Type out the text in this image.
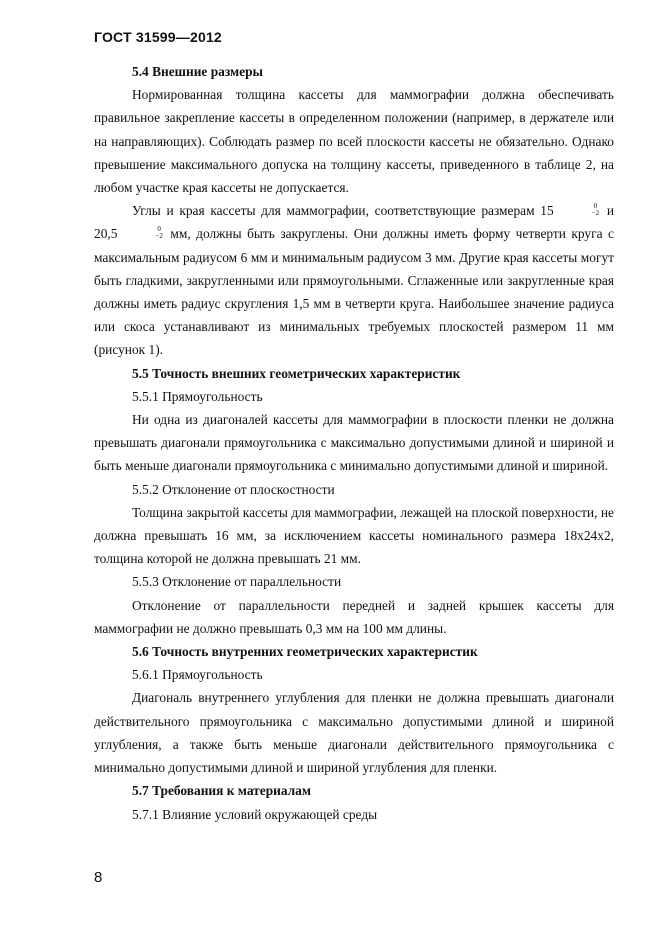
ГОСТ 31599—2012

5.4 Внешние размеры

Нормированная толщина кассеты для маммографии должна обеспечивать правильное закрепление кассеты в определенном положении (например, в держателе или на направляющих). Соблюдать размер по всей плоскости кассеты не обязательно. Однако превышение максимального допуска на толщину кассеты, приведенного в таблице 2, на любом участке края кассеты не допускается.

Углы и края кассеты для маммографии, соответствующие размерам 15	0
−2 и 20,5	0
−2 мм, должны быть закруглены. Они должны иметь форму четверти круга с максимальным радиусом 6 мм и минимальным радиусом 3 мм. Другие края кассеты могут быть гладкими, закругленными или прямоугольными. Сглаженные или закругленные края должны иметь радиус скругления 1,5 мм в четверти круга. Наибольшее значение радиуса или скоса устанавливают из минимальных требуемых плоскостей размером 11 мм (рисунок 1).

5.5 Точность внешних геометрических характеристик

5.5.1 Прямоугольность

Ни одна из диагоналей кассеты для маммографии в плоскости пленки не должна превышать диагонали прямоугольника с максимально допустимыми длиной и шириной и быть меньше диагонали прямоугольника с минимально допустимыми длиной и шириной.

5.5.2 Отклонение от плоскостности

Толщина закрытой кассеты для маммографии, лежащей на плоской поверхности, не должна превышать 16 мм, за исключением кассеты номинального размера 18x24x2, толщина которой не должна превышать 21 мм.

5.5.3 Отклонение от параллельности

Отклонение от параллельности передней и задней крышек кассеты для маммографии не должно превышать 0,3 мм на 100 мм длины.

5.6 Точность внутренних геометрических характеристик

5.6.1 Прямоугольность

Диагональ внутреннего углубления для пленки не должна превышать диагонали действительного прямоугольника с максимально допустимыми длиной и шириной углубления, а также быть меньше диагонали действительного прямоугольника с минимально допустимыми длиной и шириной углубления для пленки.

5.7 Требования к материалам

5.7.1 Влияние условий окружающей среды

8
